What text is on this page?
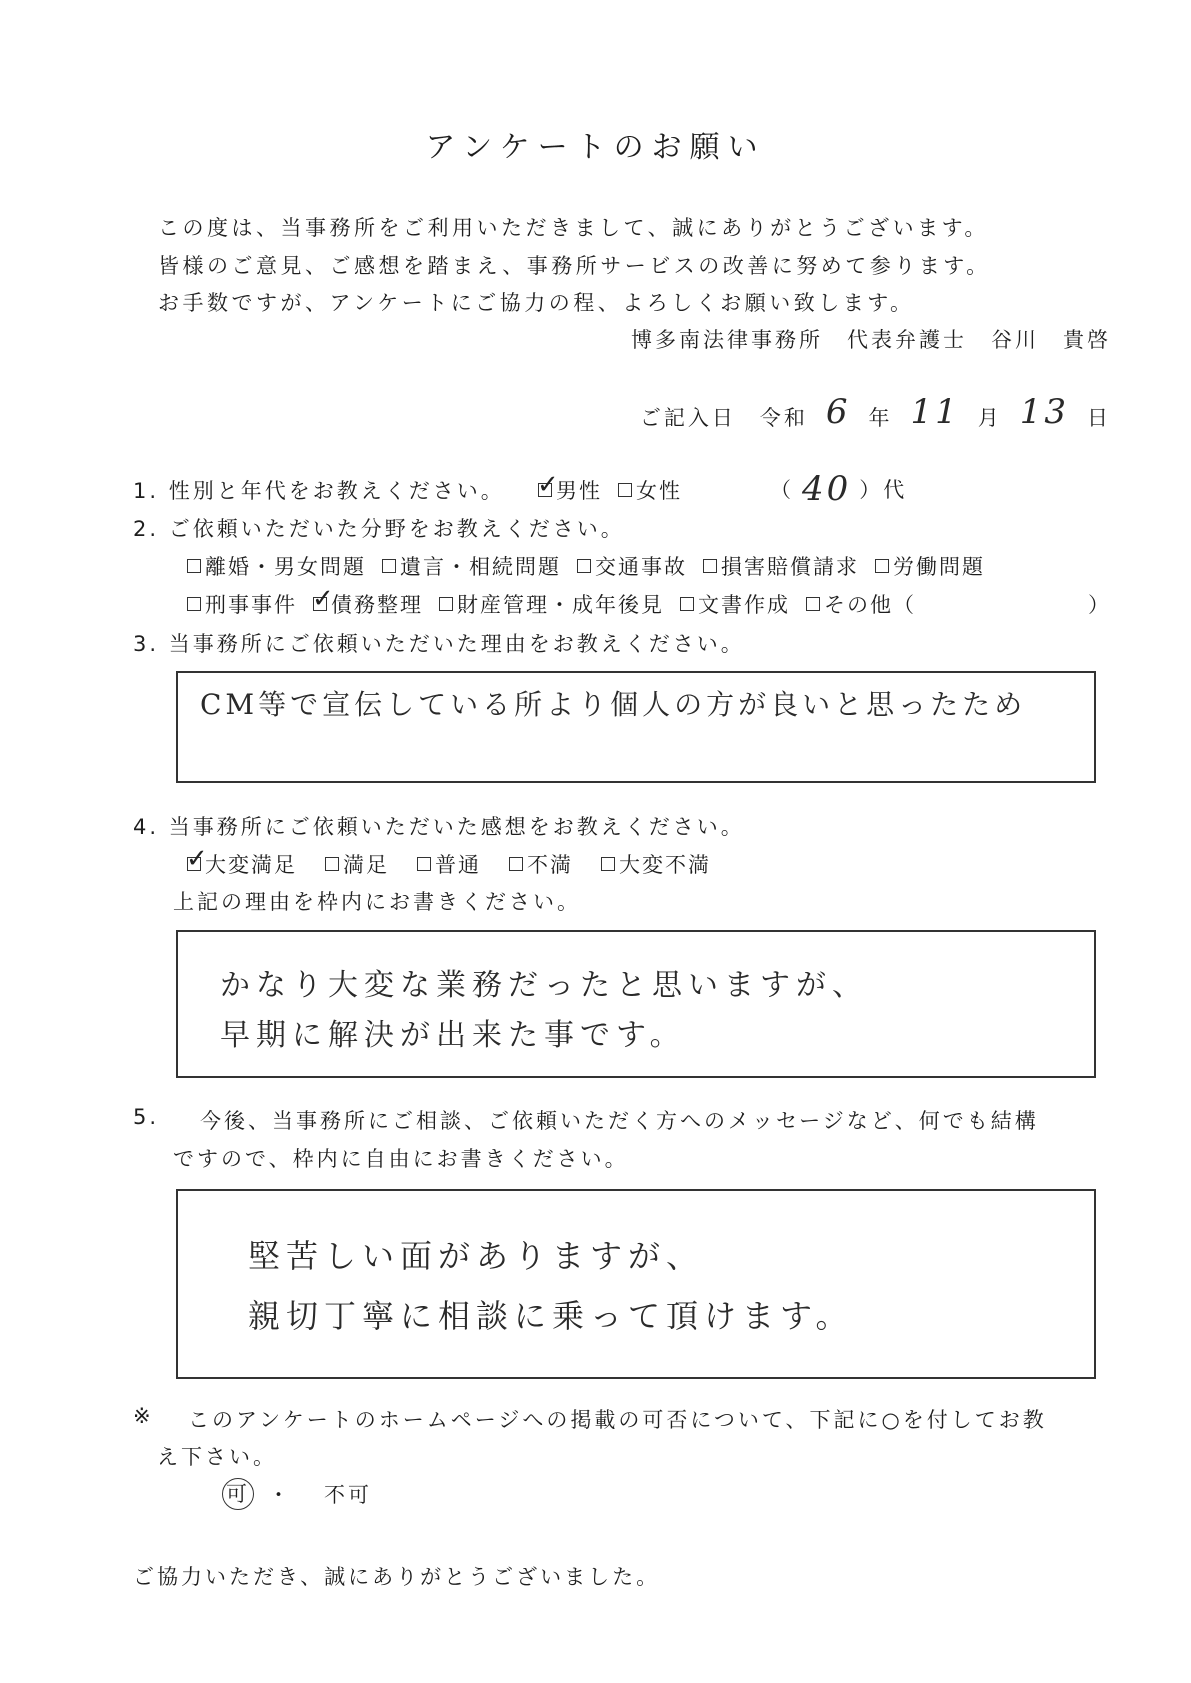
アンケートのお願い
この度は、当事務所をご利用いただきまして、誠にありがとうございます。
皆様のご意見、ご感想を踏まえ、事務所サービスの改善に努めて参ります。
お手数ですが、アンケートにご協力の程、よろしくお願い致します。
博多南法律事務所　代表弁護士　谷川　貴啓
ご記入日 令和 6 年 11 月 13 日
1. 性別と年代をお教えください。 ✓ 男性 女性	（ 40 ）代
2. ご依頼いただいた分野をお教えください。
離婚・男女問題 遺言・相続問題 交通事故 損害賠償請求 労働問題
刑事事件 ✓ 債務整理 財産管理・成年後見 文書作成 その他（	）
3. 当事務所にご依頼いただいた理由をお教えください。
CM等で宣伝している所より個人の方が良いと思ったため
4. 当事務所にご依頼いただいた感想をお教えください。
✓
大変満足 満足 普通 不満 大変不満
上記の理由を枠内にお書きください。
かなり大変な業務だったと思いますが、
早期に解決が出来た事です。
5. 今後、当事務所にご相談、ご依頼いただく方へのメッセージなど、何でも結構
ですので、枠内に自由にお書きください。
堅苦しい面がありますが、
親切丁寧に相談に乗って頂けます。
※ このアンケートのホームページへの掲載の可否について、下記に○を付してお教
え下さい。
可 ・ 不可
ご協力いただき、誠にありがとうございました。
